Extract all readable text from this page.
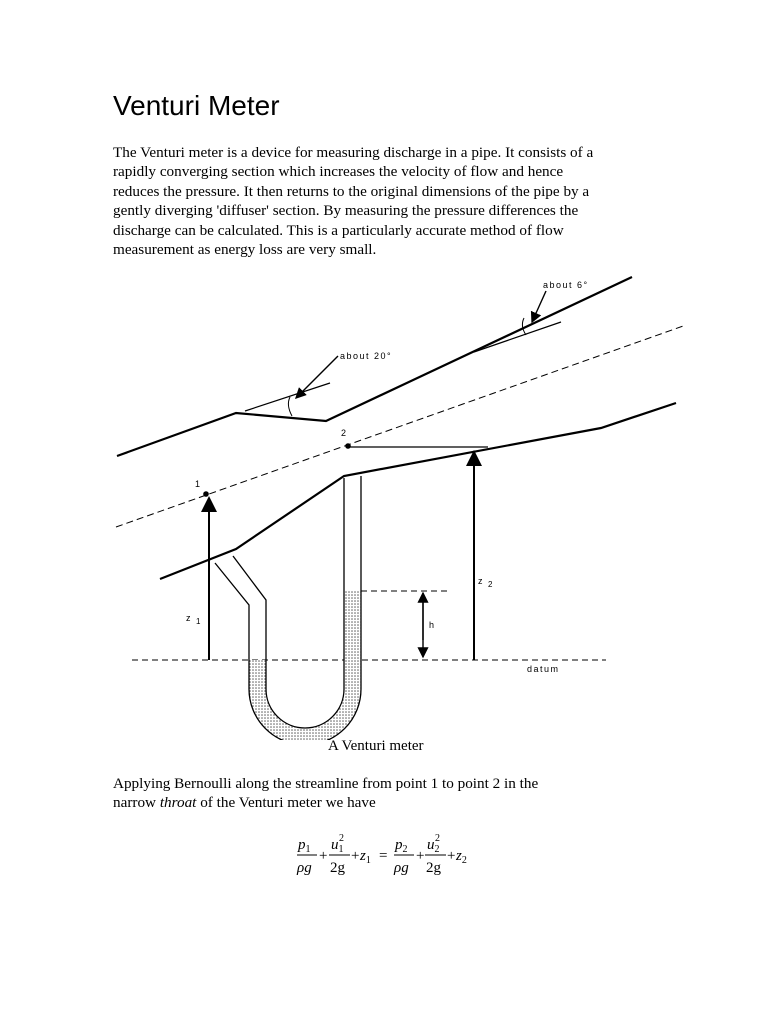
Venturi Meter
The Venturi meter is a device for measuring discharge in a pipe. It consists of a
rapidly converging section which increases the velocity of flow and hence
reduces the pressure. It then returns to the original dimensions of the pipe by a
gently diverging 'diffuser' section. By measuring the pressure differences the
discharge can be calculated. This is a particularly accurate method of flow
measurement as energy loss are very small.
about 6°
about 20°
2
1
z 2
z 1	h
datum
A Venturi meter
Applying Bernoulli along the streamline from point 1 to point 2 in the
narrow throat of the Venturi meter we have
$p_1$
ρg
+
$u_1$
2
2g
+ $z_1$ =
$p_2$
ρg
+
$u_2$
2
2g
+ $z_2$
